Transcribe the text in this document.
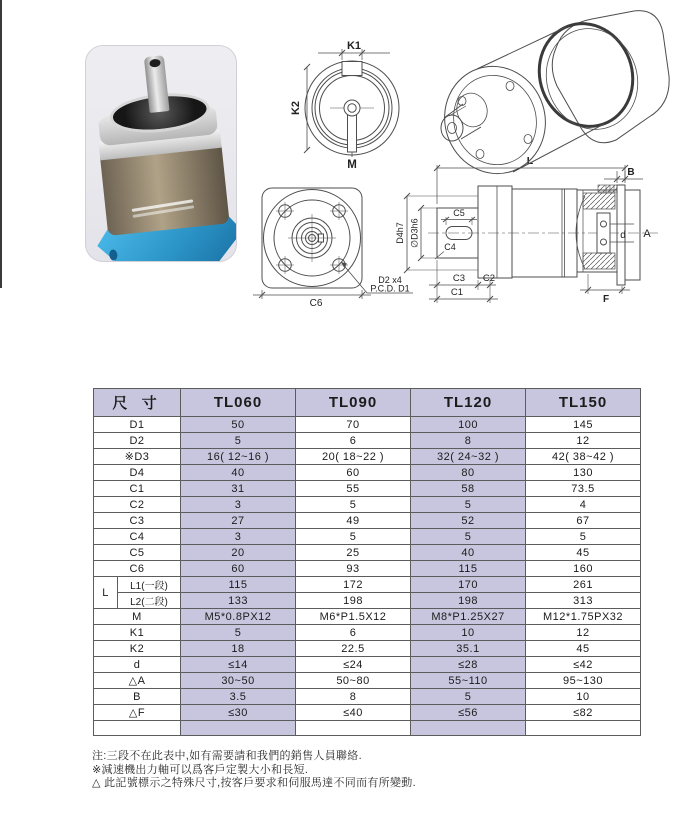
K1
K2
M
C6
D2 x4
P.C.D. D1
∅D3h6
D4h7
L
B
C5
C4
C3 C2
C1
F
d A
尺 寸		TL060	TL090	TL120	TL150
D1		50	70	100	145
D2		5	6	8	12
※D3		16( 12~16 )	20( 18~22 )	32( 24~32 )	42( 38~42 )
D4		40	60	80	130
C1		31	55	58	73.5
C2		3	5	5	4
C3		27	49	52	67
C4		3	5	5	5
C5		20	25	40	45
C6		60	93	115	160
L	L1(一段)	115	172	170	261
	L2(二段)	133	198	198	313
M		M5*0.8PX12	M6*P1.5X12	M8*P1.25X27	M12*1.75PX32
K1		5	6	10	12
K2		18	22.5	35.1	45
d		≤14	≤24	≤28	≤42
△A		30~50	50~80	55~110	95~130
B		3.5	8	5	10
△F		≤30	≤40	≤56	≤82

注:三段不在此表中,如有需要請和我們的銷售人員聯絡.
※減速機出力軸可以爲客戶定製大小和長短.
△ 此記號標示之特殊尺寸,按客戶要求和伺服馬達不同而有所變動.
